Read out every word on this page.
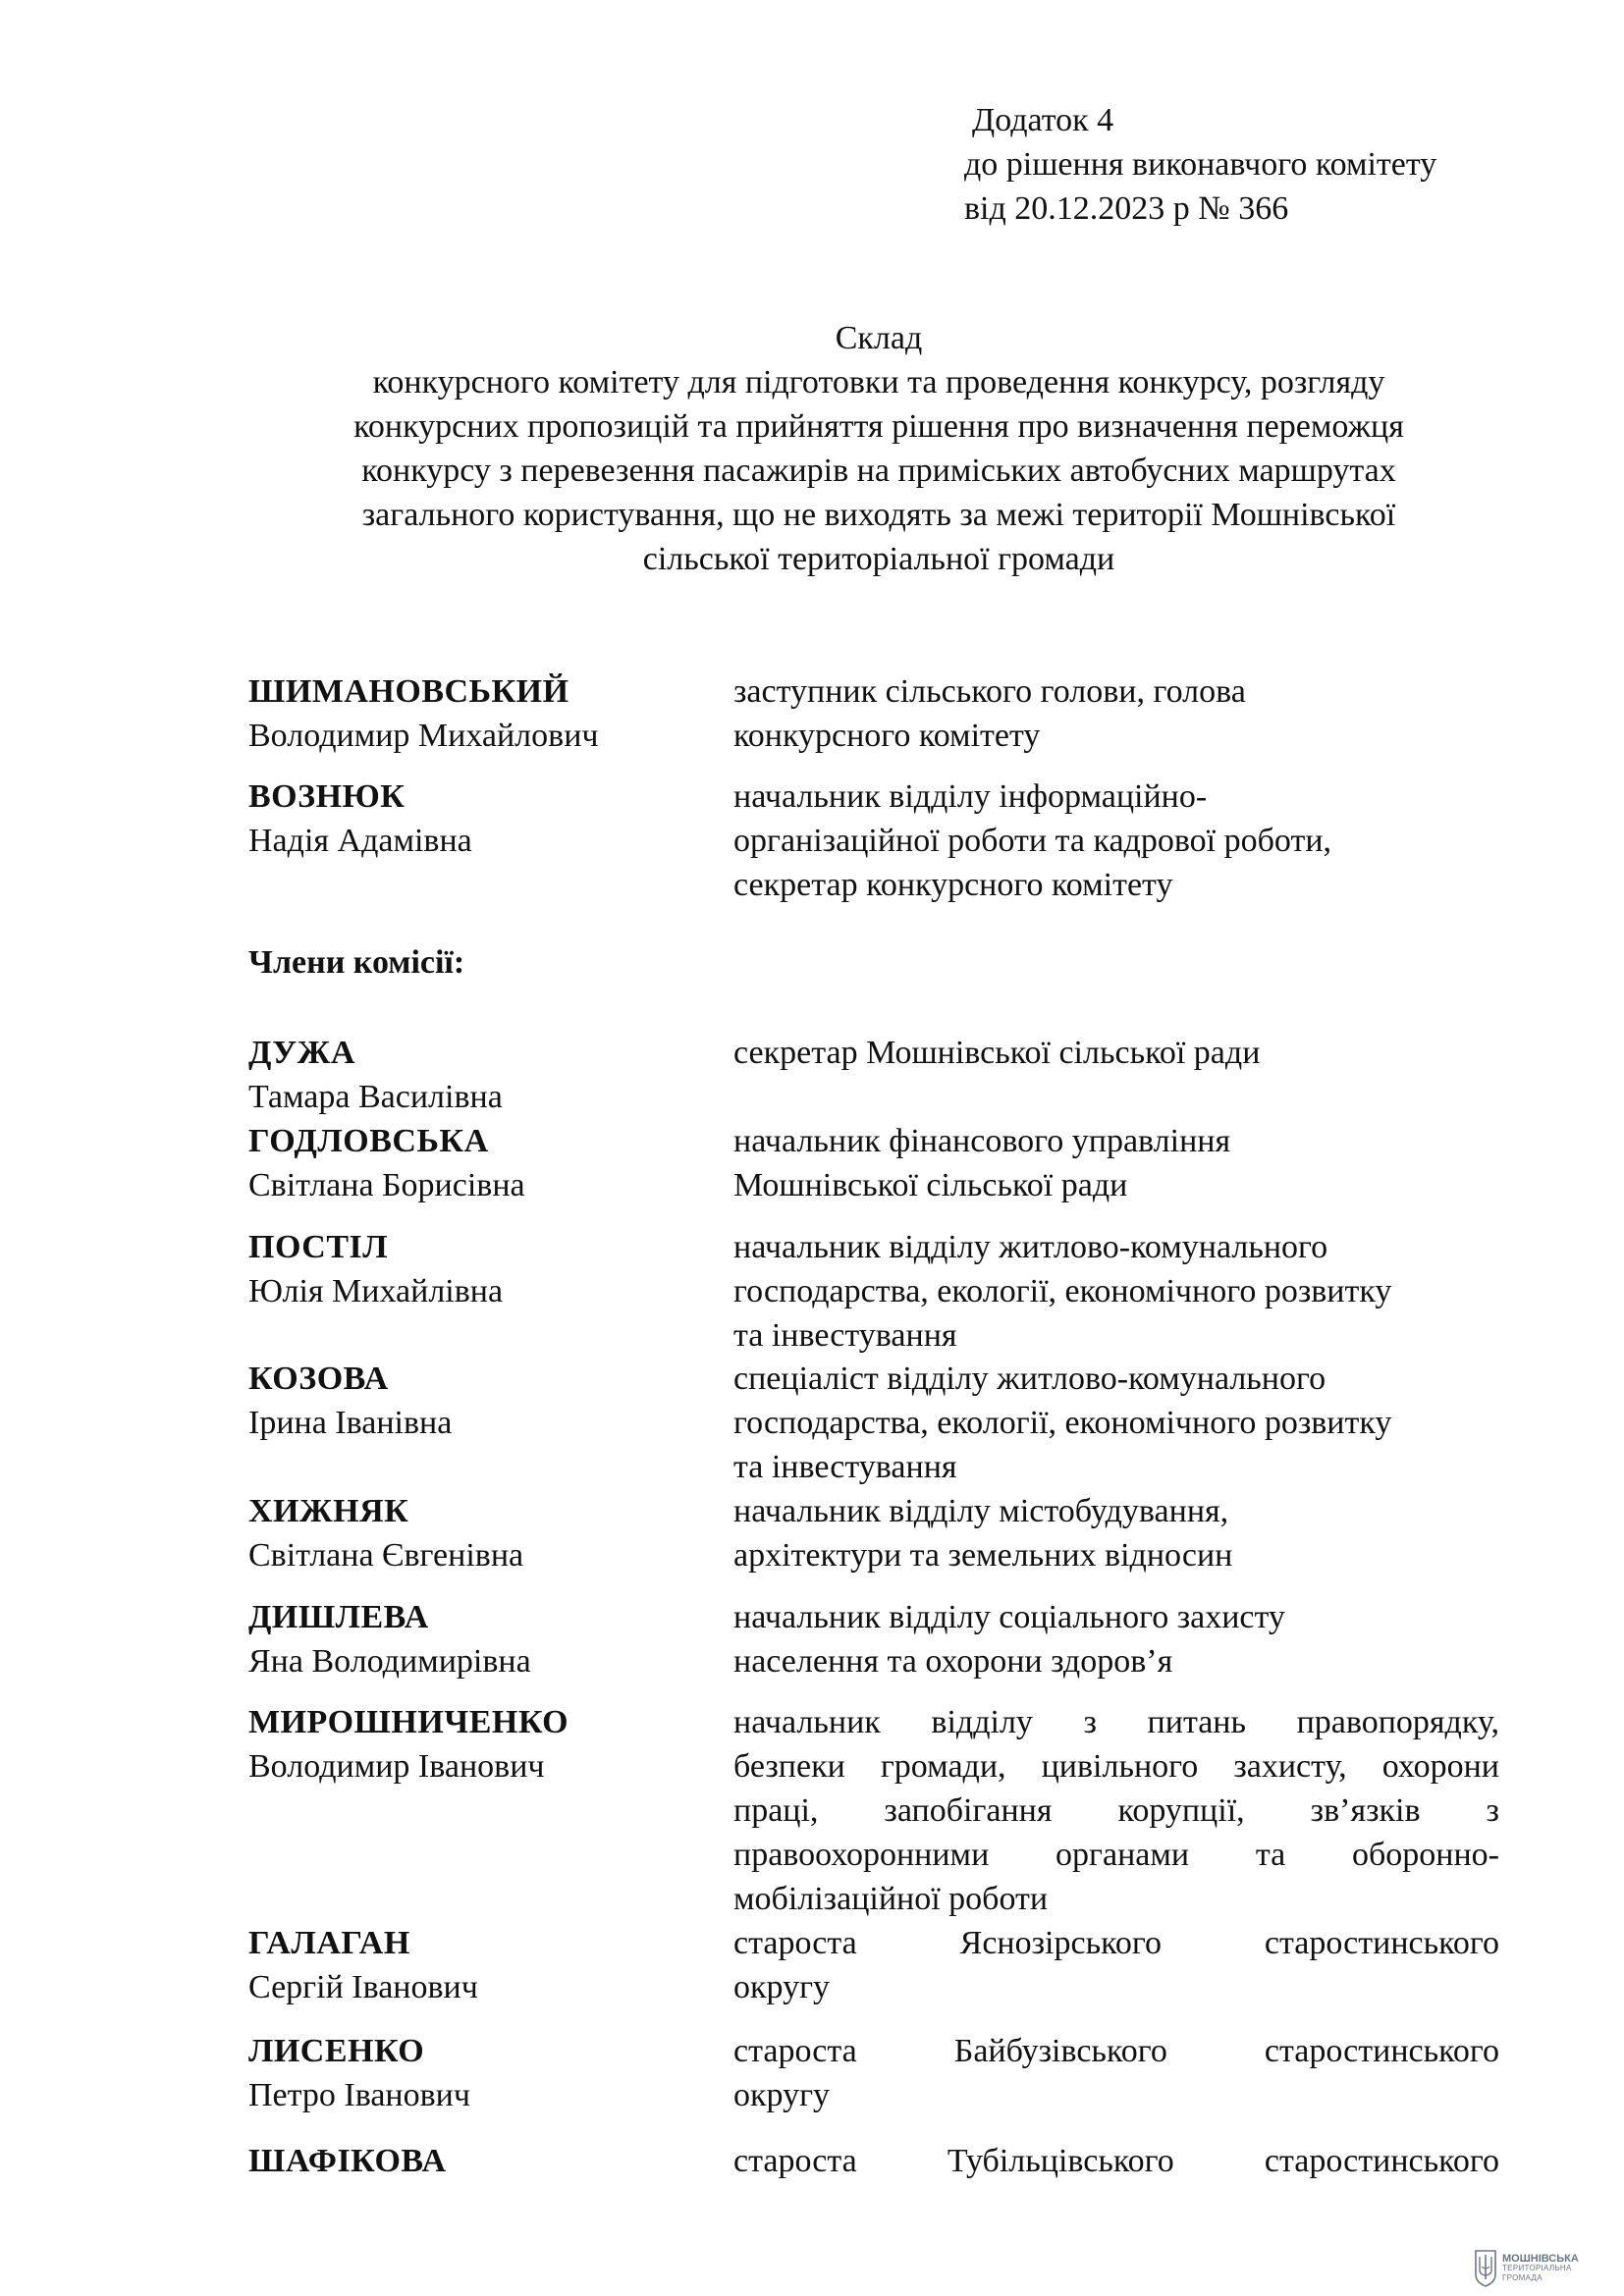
Додаток 4
до рішення виконавчого комітету
від 20.12.2023 р № 366
Склад
конкурсного комітету для підготовки та проведення конкурсу, розгляду
конкурсних пропозицій та прийняття рішення про визначення переможця
конкурсу з перевезення пасажирів на приміських автобусних маршрутах
загального користування, що не виходять за межі території Мошнівської
сільської територіальної громади
ШИМАНОВСЬКИЙ
Володимир Михайлович
заступник сільського голови, голова
конкурсного комітету
ВОЗНЮК
Надія Адамівна
начальник відділу інформаційно-
організаційної роботи та кадрової роботи,
секретар конкурсного комітету
Члени комісії:
ДУЖА
Тамара Василівна
секретар Мошнівської сільської ради
ГОДЛОВСЬКА
Світлана Борисівна
начальник фінансового управління
Мошнівської сільської ради
ПОСТІЛ
Юлія Михайлівна
начальник відділу житлово-комунального
господарства, екології, економічного розвитку
та інвестування
КОЗОВА
Ірина Іванівна
спеціаліст відділу житлово-комунального
господарства, екології, економічного розвитку
та інвестування
ХИЖНЯК
Світлана Євгенівна
начальник відділу містобудування,
архітектури та земельних відносин
ДИШЛЕВА
Яна Володимирівна
начальник відділу соціального захисту
населення та охорони здоров’я
МИРОШНИЧЕНКО
Володимир Іванович
начальник відділу з питань правопорядку,
безпеки громади, цивільного захисту, охорони
праці, запобігання корупції, зв’язків з
правоохоронними органами та оборонно-
мобілізаційної роботи
ГАЛАГАН
Сергій Іванович
староста Яснозірського старостинського
округу
ЛИСЕНКО
Петро Іванович
староста Байбузівського старостинського
округу
ШАФІКОВА	староста Тубільцівського старостинського
МОШНІВСЬКА
ТЕРИТОРІАЛЬНА
ГРОМАДА
